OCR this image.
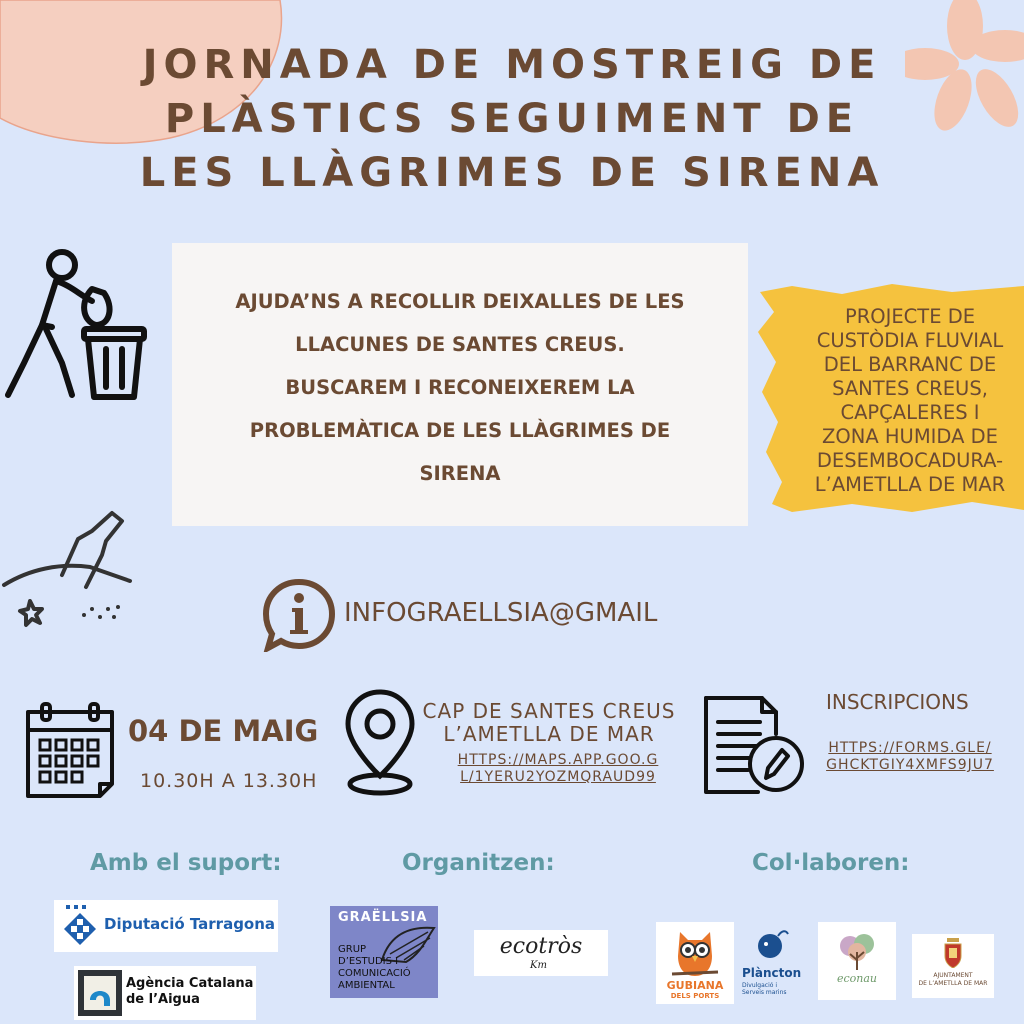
JORNADA DE MOSTREIG DE
PLÀSTICS SEGUIMENT DE
LES LLÀGRIMES DE SIRENA
AJUDA’NS A RECOLLIR DEIXALLES DE LES
LLACUNES DE SANTES CREUS.
BUSCAREM I RECONEIXEREM LA
PROBLEMÀTICA DE LES LLÀGRIMES DE
SIRENA
PROJECTE DE
CUSTÒDIA FLUVIAL
DEL BARRANC DE
SANTES CREUS,
CAPÇALERES I
ZONA HUMIDA DE
DESEMBOCADURA-
L’AMETLLA DE MAR
INFOGRAELLSIA@GMAIL
04 DE MAIG
10.30H A 13.30H
CAP DE SANTES CREUS
L’AMETLLA DE MAR
HTTPS://MAPS.APP.GOO.G
L/1YERU2YOZMQRAUD99
INSCRIPCIONS
HTTPS://FORMS.GLE/
GHCKTGIY4XMFS9JU7
Amb el suport:	Organitzen:	Col·laboren:
Diputació Tarragona
Agència Catalana
de l’Aigua
GRAËLLSIA
GRUP
D’ESTUDIS I
COMUNICACIÓ
AMBIENTAL
ecotròs
Km
GUBIANA
DELS PORTS
Plàncton
Divulgació i
Serveis marins
econau	AJUNTAMENT
DE L’AMETLLA DE MAR
